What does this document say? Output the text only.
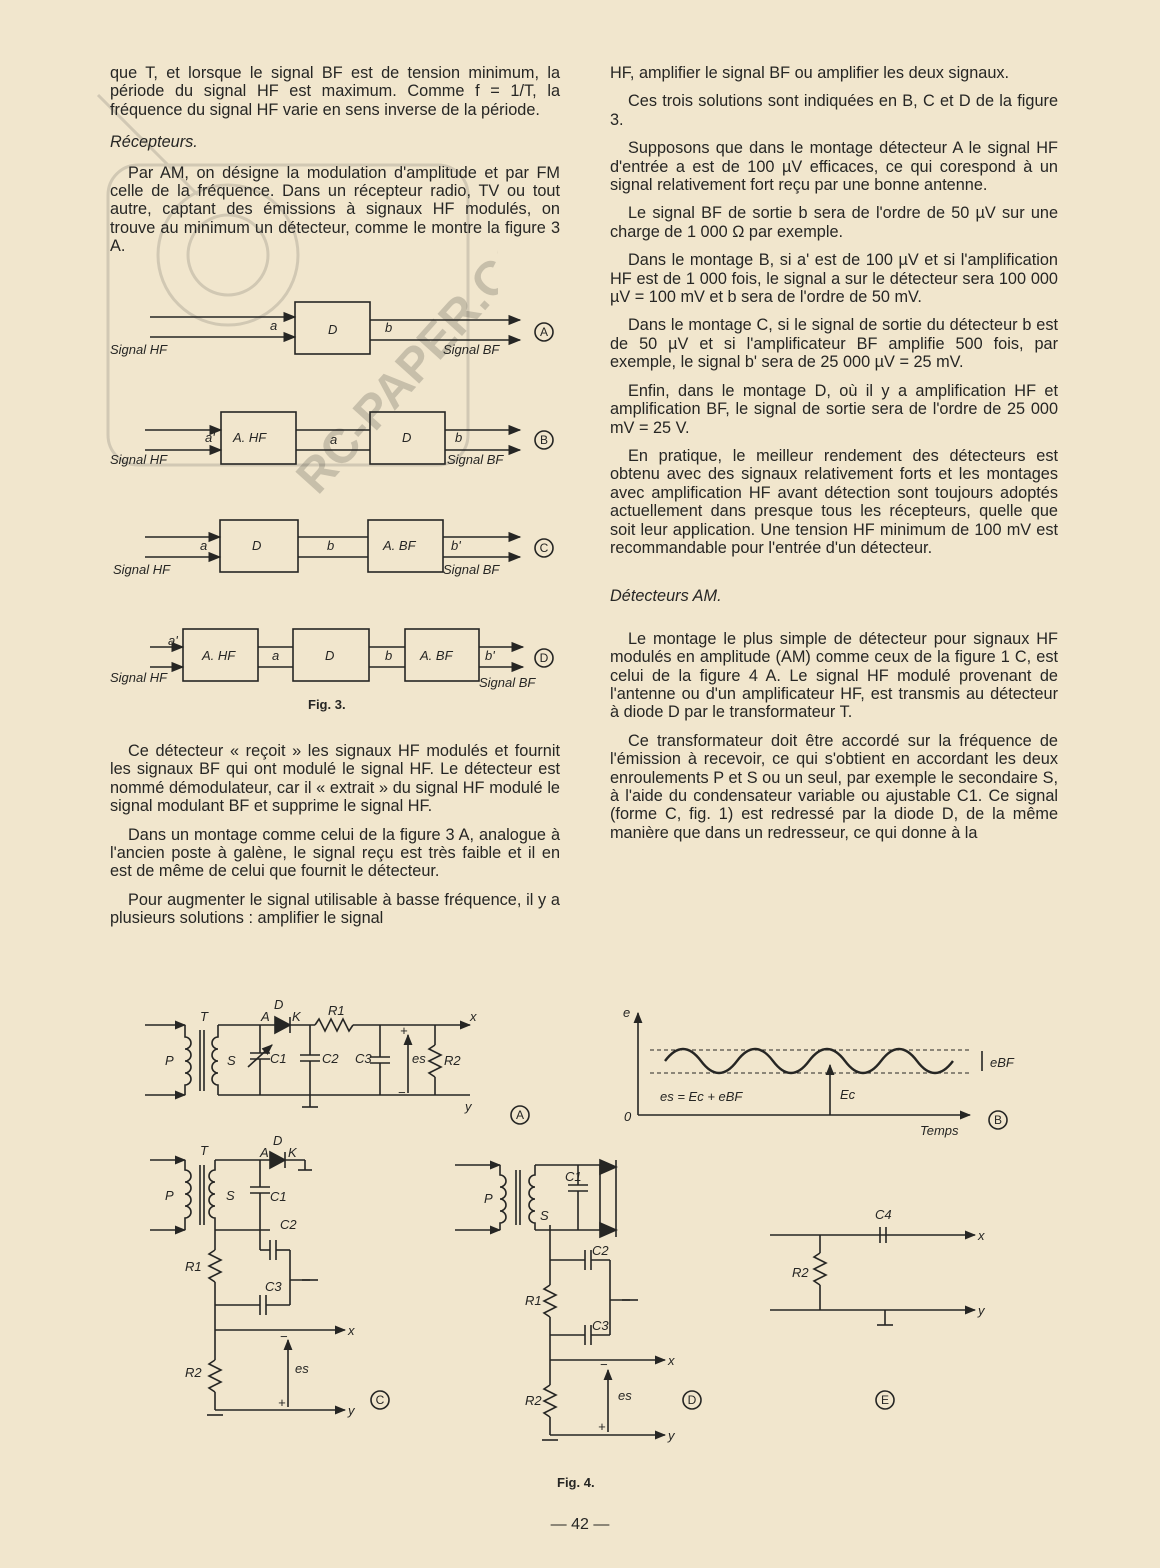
RC-PAPER.COM

que T, et lorsque le signal BF est de tension minimum, la période du signal HF est maximum. Comme f = 1/T, la fréquence du signal HF varie en sens inverse de la période.

Récepteurs.

Par AM, on désigne la modulation d'amplitude et par FM celle de la fréquence. Dans un récepteur radio, TV ou tout autre, captant des émissions à signaux HF modulés, on trouve au minimum un détecteur, comme le montre la figure 3 A.

Signal HF	Signal BF
a	D	b
Signal HF	Signal BF
a' A. HF	a	D	b
Signal HF	Signal BF
a	D	b	A. BF	b'
Signal HF	Signal BF
a'
A. HF	a	D	b A. BF b'
A
B
C
D
Fig. 3.

Ce détecteur « reçoit » les signaux HF modulés et fournit les signaux BF qui ont modulé le signal HF. Le détecteur est nommé démodulateur, car il « extrait » du signal HF modulé le signal modulant BF et supprime le signal HF.

Dans un montage comme celui de la figure 3 A, analogue à l'ancien poste à galène, le signal reçu est très faible et il en est de même de celui que fournit le détecteur.

Pour augmenter le signal utilisable à basse fréquence, il y a plusieurs solutions : amplifier le signal

HF, amplifier le signal BF ou amplifier les deux signaux.

Ces trois solutions sont indiquées en B, C et D de la figure 3.

Supposons que dans le montage détecteur A le signal HF d'entrée a est de 100 µV efficaces, ce qui corespond à un signal relativement fort reçu par une bonne antenne.

Le signal BF de sortie b sera de l'ordre de 50 µV sur une charge de 1 000 Ω par exemple.

Dans le montage B, si a' est de 100 µV et si l'amplification HF est de 1 000 fois, le signal a sur le détecteur sera 100 000 µV = 100 mV et b sera de l'ordre de 50 mV.

Dans le montage C, si le signal de sortie du détecteur b est de 50 µV et si l'amplificateur BF amplifie 500 fois, par exemple, le signal b' sera de 25 000 µV = 25 mV.

Enfin, dans le montage D, où il y a amplification HF et amplification BF, le signal de sortie sera de l'ordre de 25 000 mV = 25 V.

En pratique, le meilleur rendement des détecteurs est obtenu avec des signaux relativement forts et les montages avec amplification HF avant détection sont toujours adoptés actuellement dans presque tous les récepteurs, quelle que soit leur application. Une tension HF minimum de 100 mV est recommandable pour l'entrée d'un détecteur.

Détecteurs AM.

Le montage le plus simple de détecteur pour signaux HF modulés en amplitude (AM) comme ceux de la figure 1 C, est celui de la figure 4 A. Le signal HF modulé provenant de l'antenne ou d'un amplificateur HF, est transmis au détecteur à diode D par le transformateur T.

Ce transformateur doit être accordé sur la fréquence de l'émission à recevoir, ce qui s'obtient en accordant les deux enroulements P et S ou un seul, par exemple le secondaire S, à l'aide du condensateur variable ou ajustable C1. Ce signal (forme C, fig. 1) est redressé par la diode D, de la même manière que dans un redresseur, ce qui donne à la

T
P	S
D
A K R1
C1	C2 C3	es R2
+
−
x
y
e
0
Temps
es = Ec + eBF	Ec
eBF
T
P	S
D
A K
C1
C2
C3
R1
R2	es
−
+
x
y
P
S
C1
C2
C3
R1
R2	es
−
+
x
y
C4
R2
x
y
A	B
C	D	E
Fig. 4.
— 42 —
